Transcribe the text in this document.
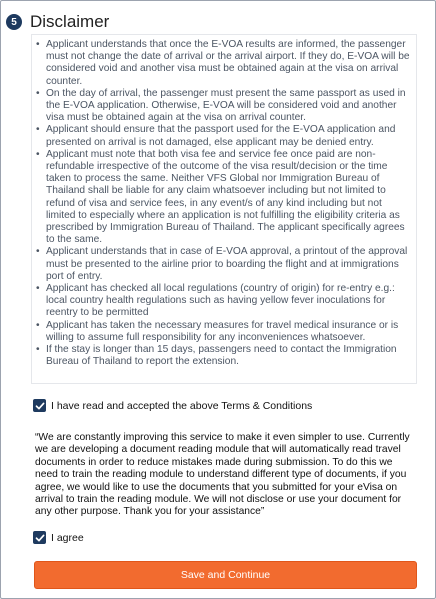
5 Disclaimer
• Applicant understands that once the E-VOA results are informed, the passenger must not change the date of arrival or the arrival airport. If they do, E-VOA will be considered void and another visa must be obtained again at the visa on arrival counter.
• On the day of arrival, the passenger must present the same passport as used in the E-VOA application. Otherwise, E-VOA will be considered void and another visa must be obtained again at the visa on arrival counter.
• Applicant should ensure that the passport used for the E-VOA application and presented on arrival is not damaged, else applicant may be denied entry.
• Applicant must note that both visa fee and service fee once paid are non-refundable irrespective of the outcome of the visa result/decision or the time taken to process the same. Neither VFS Global nor Immigration Bureau of Thailand shall be liable for any claim whatsoever including but not limited to refund of visa and service fees, in any event/s of any kind including but not limited to especially where an application is not fulfilling the eligibility criteria as prescribed by Immigration Bureau of Thailand. The applicant specifically agrees to the same.
• Applicant understands that in case of E-VOA approval, a printout of the approval must be presented to the airline prior to boarding the flight and at immigrations port of entry.
• Applicant has checked all local regulations (country of origin) for re-entry e.g.: local country health regulations such as having yellow fever inoculations for reentry to be permitted
• Applicant has taken the necessary measures for travel medical insurance or is willing to assume full responsibility for any inconveniences whatsoever.
• If the stay is longer than 15 days, passengers need to contact the Immigration Bureau of Thailand to report the extension.
I have read and accepted the above Terms & Conditions
“We are constantly improving this service to make it even simpler to use. Currently we are developing a document reading module that will automatically read travel documents in order to reduce mistakes made during submission. To do this we need to train the reading module to understand different type of documents, if you agree, we would like to use the documents that you submitted for your eVisa on arrival to train the reading module. We will not disclose or use your document for any other purpose. Thank you for your assistance”
I agree
Save and Continue
